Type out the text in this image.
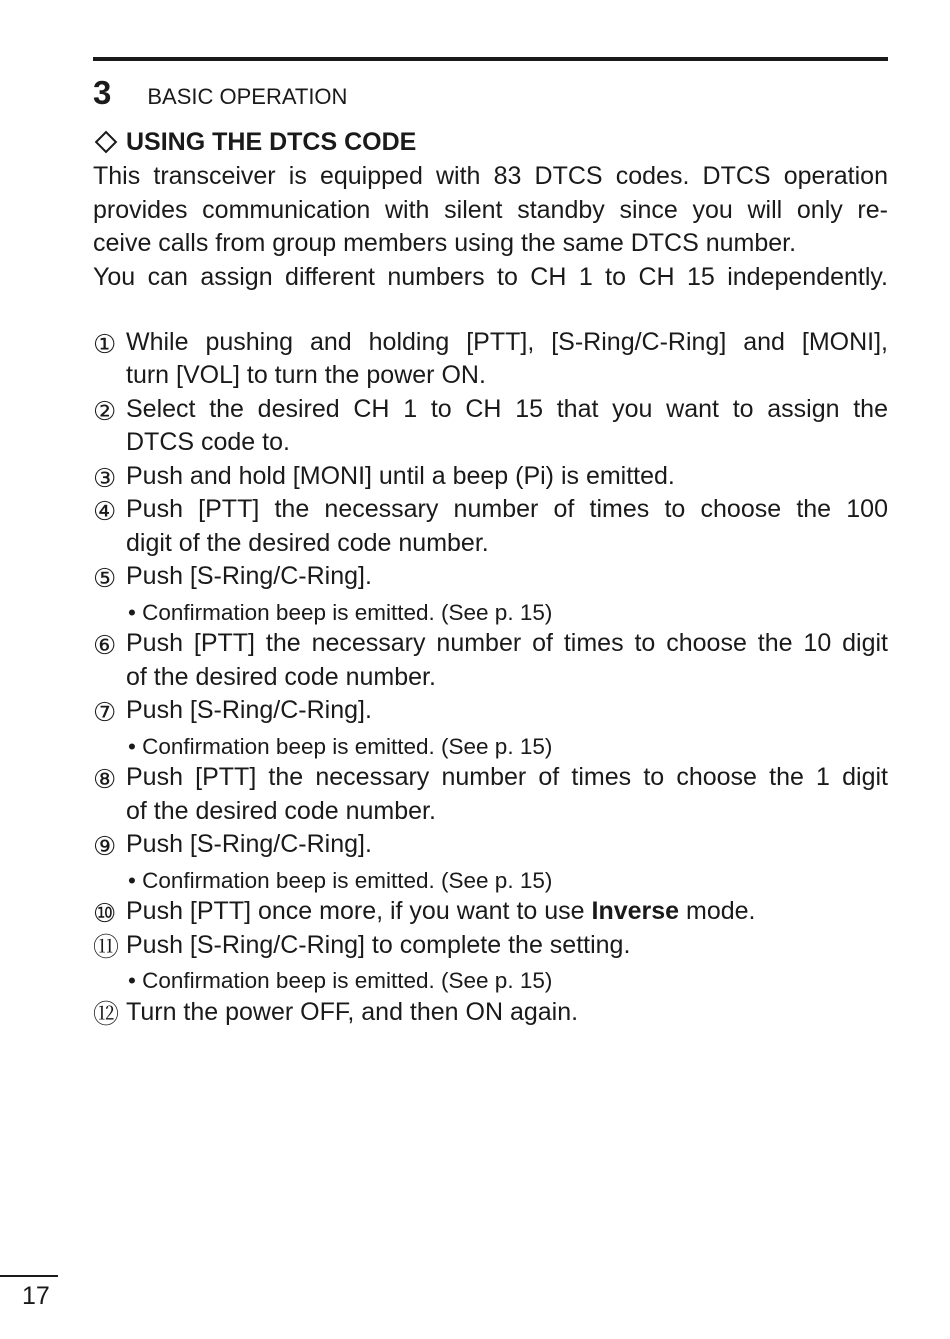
3 BASIC OPERATION
USING THE DTCS CODE
This transceiver is equipped with 83 DTCS codes. DTCS operation
provides communication with silent standby since you will only re-
ceive calls from group members using the same DTCS number.
You can assign different numbers to CH 1 to CH 15 independently.
① While pushing and holding [PTT], [S-Ring/C-Ring] and [MONI],
turn [VOL] to turn the power ON.
② Select the desired CH 1 to CH 15 that you want to assign the
DTCS code to.
③ Push and hold [MONI] until a beep (Pi) is emitted.
④ Push [PTT] the necessary number of times to choose the 100
digit of the desired code number.
⑤ Push [S-Ring/C-Ring].
• Confirmation beep is emitted. (See p. 15)
⑥ Push [PTT] the necessary number of times to choose the 10 digit
of the desired code number.
⑦ Push [S-Ring/C-Ring].
• Confirmation beep is emitted. (See p. 15)
⑧ Push [PTT] the necessary number of times to choose the 1 digit
of the desired code number.
⑨ Push [S-Ring/C-Ring].
• Confirmation beep is emitted. (See p. 15)
⑩ Push [PTT] once more, if you want to use Inverse mode.
⑪ Push [S-Ring/C-Ring] to complete the setting.
• Confirmation beep is emitted. (See p. 15)
⑫ Turn the power OFF, and then ON again.
17
